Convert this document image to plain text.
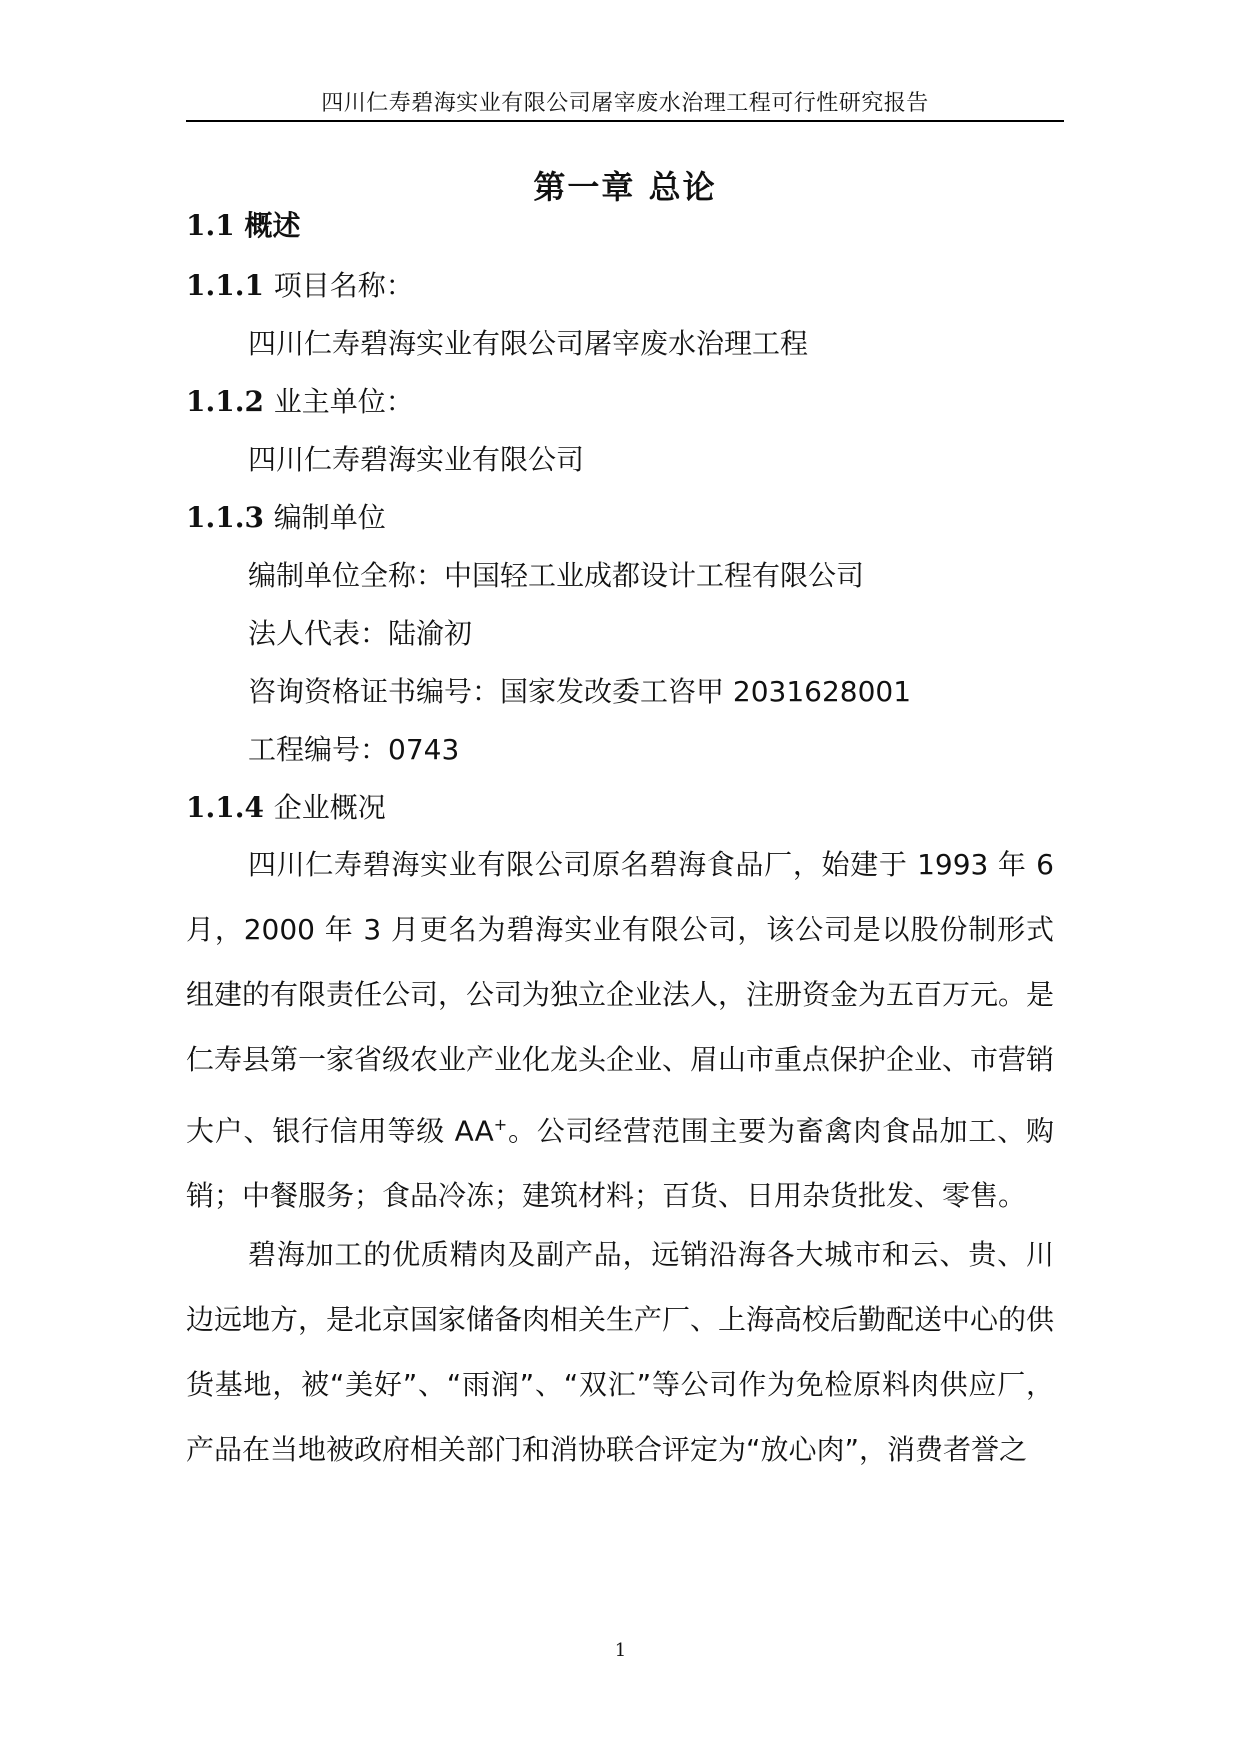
四川仁寿碧海实业有限公司屠宰废水治理工程可行性研究报告
第一章 总论
1.1 概述
1.1.1 项目名称：
四川仁寿碧海实业有限公司屠宰废水治理工程
1.1.2 业主单位：
四川仁寿碧海实业有限公司
1.1.3 编制单位
编制单位全称：中国轻工业成都设计工程有限公司
法人代表：陆渝初
咨询资格证书编号：国家发改委工咨甲 2031628001
工程编号：0743
1.1.4 企业概况
四川仁寿碧海实业有限公司原名碧海食品厂，始建于 1993 年 6 月，2000 年 3 月更名为碧海实业有限公司，该公司是以股份制形式组建的有限责任公司，公司为独立企业法人，注册资金为五百万元。是仁寿县第一家省级农业产业化龙头企业、眉山市重点保护企业、市营销大户、银行信用等级 AA+。公司经营范围主要为畜禽肉食品加工、购销；中餐服务；食品冷冻；建筑材料；百货、日用杂货批发、零售。
碧海加工的优质精肉及副产品，远销沿海各大城市和云、贵、川边远地方，是北京国家储备肉相关生产厂、上海高校后勤配送中心的供货基地，被“美好”、“雨润”、“双汇”等公司作为免检原料肉供应厂，产品在当地被政府相关部门和消协联合评定为“放心肉”，消费者誉之
1
